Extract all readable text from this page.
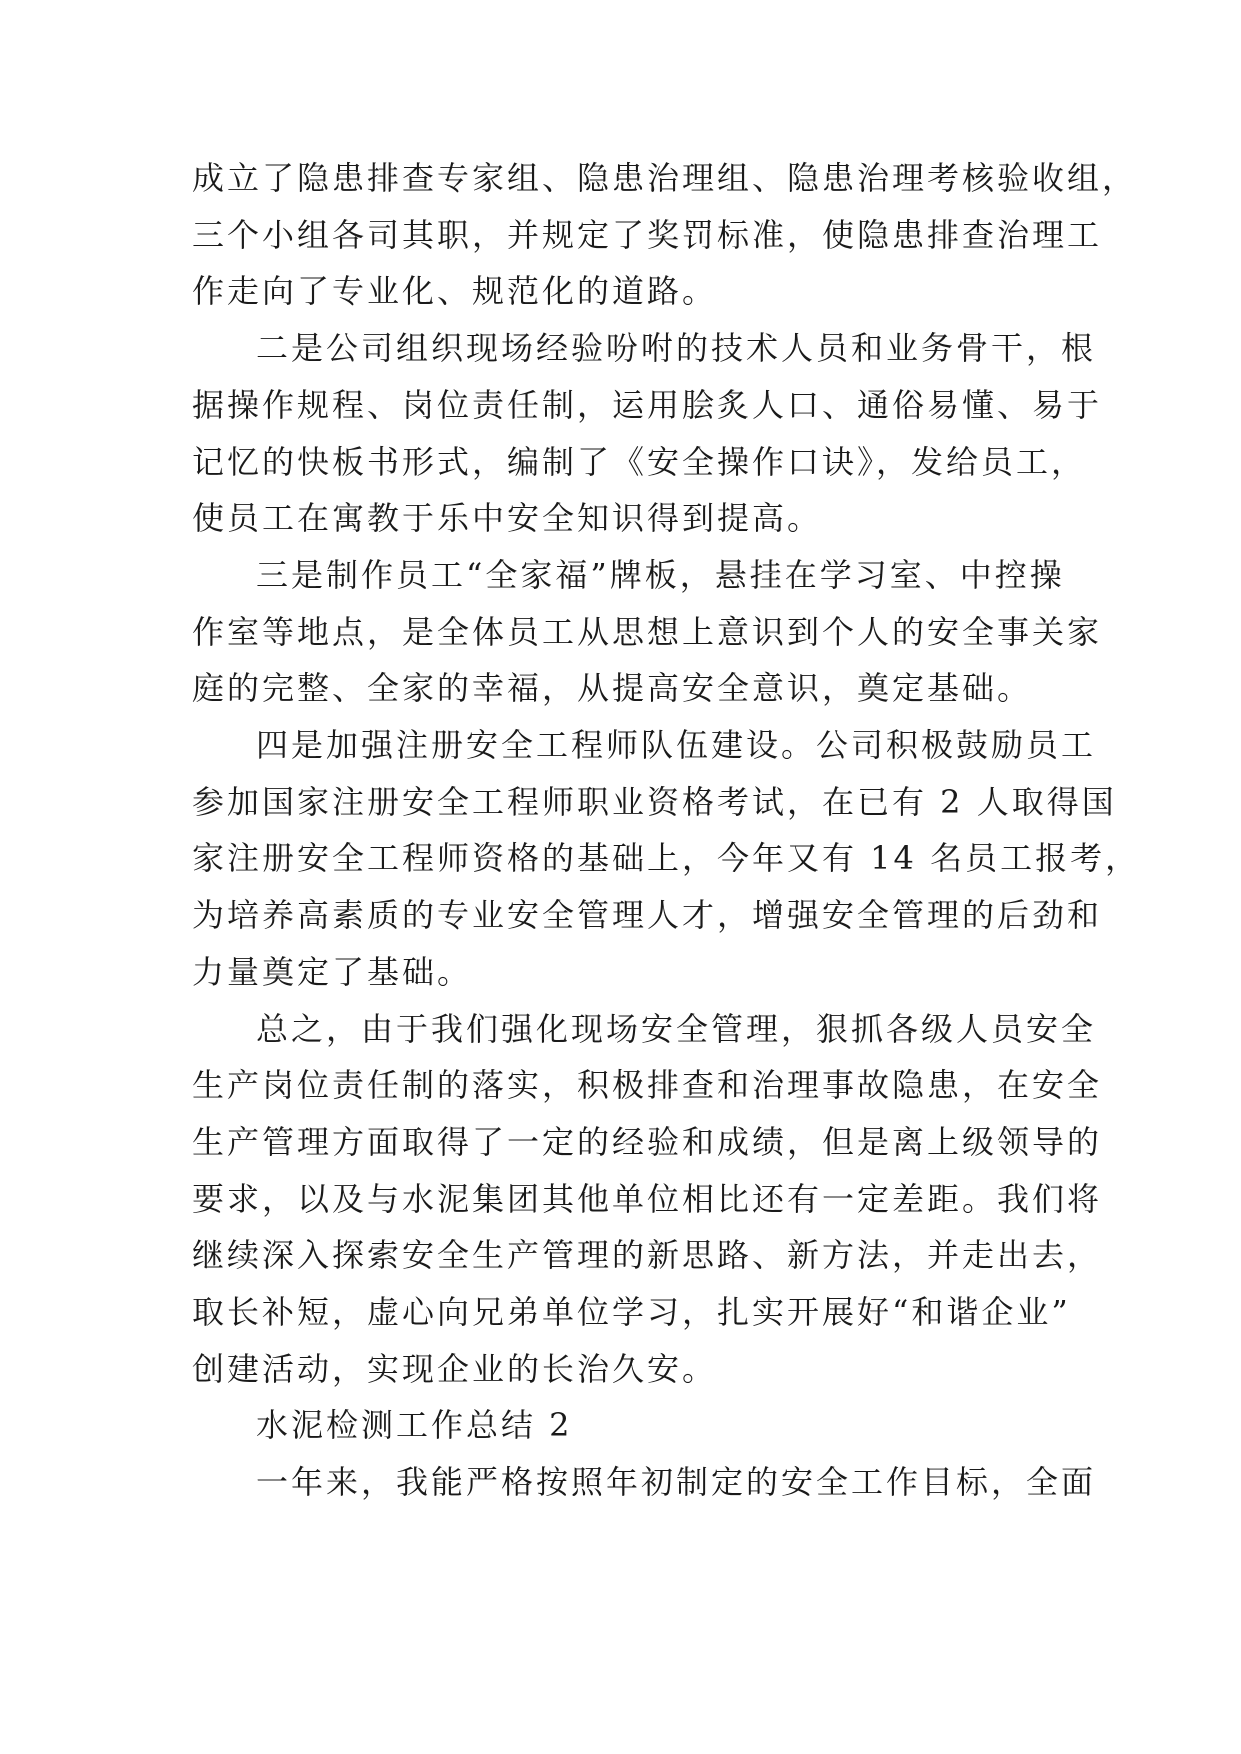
成立了隐患排查专家组、隐患治理组、隐患治理考核验收组，
三个小组各司其职，并规定了奖罚标准，使隐患排查治理工
作走向了专业化、规范化的道路。
二是公司组织现场经验吩咐的技术人员和业务骨干，根
据操作规程、岗位责任制，运用脍炙人口、通俗易懂、易于
记忆的快板书形式，编制了《安全操作口诀》，发给员工，
使员工在寓教于乐中安全知识得到提高。
三是制作员工“全家福”牌板，悬挂在学习室、中控操
作室等地点，是全体员工从思想上意识到个人的安全事关家
庭的完整、全家的幸福，从提高安全意识，奠定基础。
四是加强注册安全工程师队伍建设。公司积极鼓励员工
参加国家注册安全工程师职业资格考试，在已有 2 人取得国
家注册安全工程师资格的基础上，今年又有 14 名员工报考，
为培养高素质的专业安全管理人才，增强安全管理的后劲和
力量奠定了基础。
总之，由于我们强化现场安全管理，狠抓各级人员安全
生产岗位责任制的落实，积极排查和治理事故隐患，在安全
生产管理方面取得了一定的经验和成绩，但是离上级领导的
要求，以及与水泥集团其他单位相比还有一定差距。我们将
继续深入探索安全生产管理的新思路、新方法，并走出去，
取长补短，虚心向兄弟单位学习，扎实开展好“和谐企业”
创建活动，实现企业的长治久安。
水泥检测工作总结 2
一年来，我能严格按照年初制定的安全工作目标，全面
